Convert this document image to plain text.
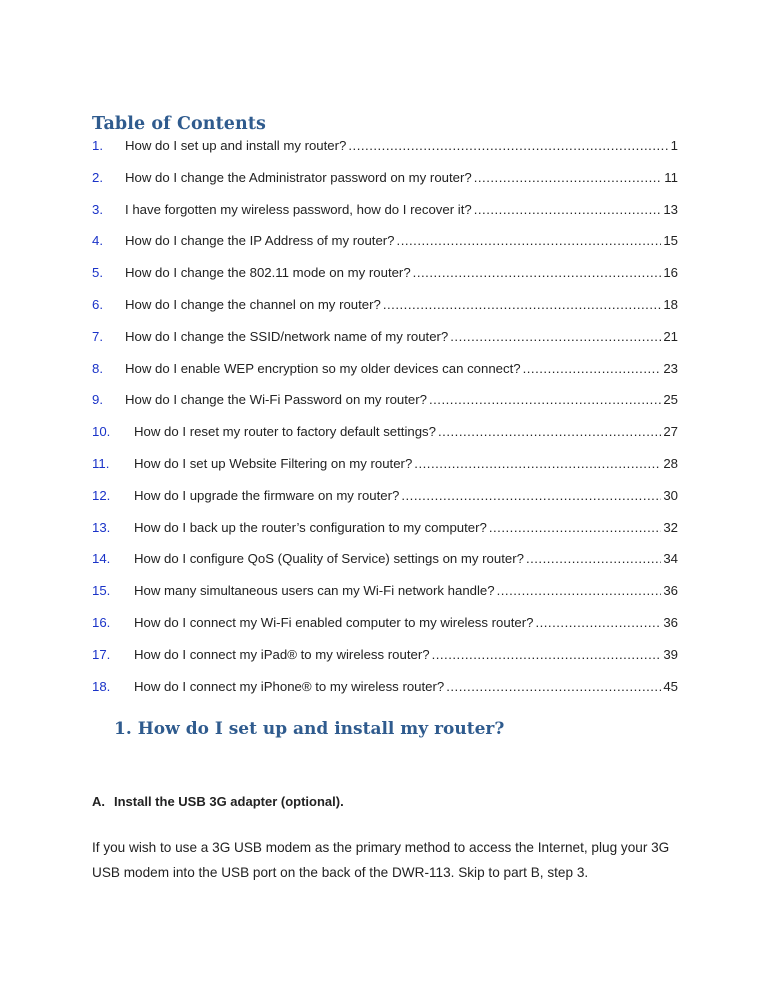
Table of Contents
1.	How do I set up and install my router? .....	1
2.	How do I change the Administrator password on my router? .....	11
3.	I have forgotten my wireless password, how do I recover it? .....	13
4.	How do I change the IP Address of my router? .....	15
5.	How do I change the 802.11 mode on my router? .....	16
6.	How do I change the channel on my router? .....	18
7.	How do I change the SSID/network name of my router? .....	21
8.	How do I enable WEP encryption so my older devices can connect? .....	23
9.	How do I change the Wi-Fi Password on my router? .....	25
10.	How do I reset my router to factory default settings? .....	27
11.	How do I set up Website Filtering on my router? .....	28
12.	How do I upgrade the firmware on my router? .....	30
13.	How do I back up the router’s configuration to my computer? .....	32
14.	How do I configure QoS (Quality of Service) settings on my router? .....	34
15.	How many simultaneous users can my Wi-Fi network handle? .....	36
16.	How do I connect my Wi-Fi enabled computer to my wireless router? .....	36
17.	How do I connect my iPad® to my wireless router? .....	39
18.	How do I connect my iPhone® to my wireless router? .....	45
1. How do I set up and install my router?
A. Install the USB 3G adapter (optional).

If you wish to use a 3G USB modem as the primary method to access the Internet, plug your 3G USB modem into the USB port on the back of the DWR-113. Skip to part B, step 3.
